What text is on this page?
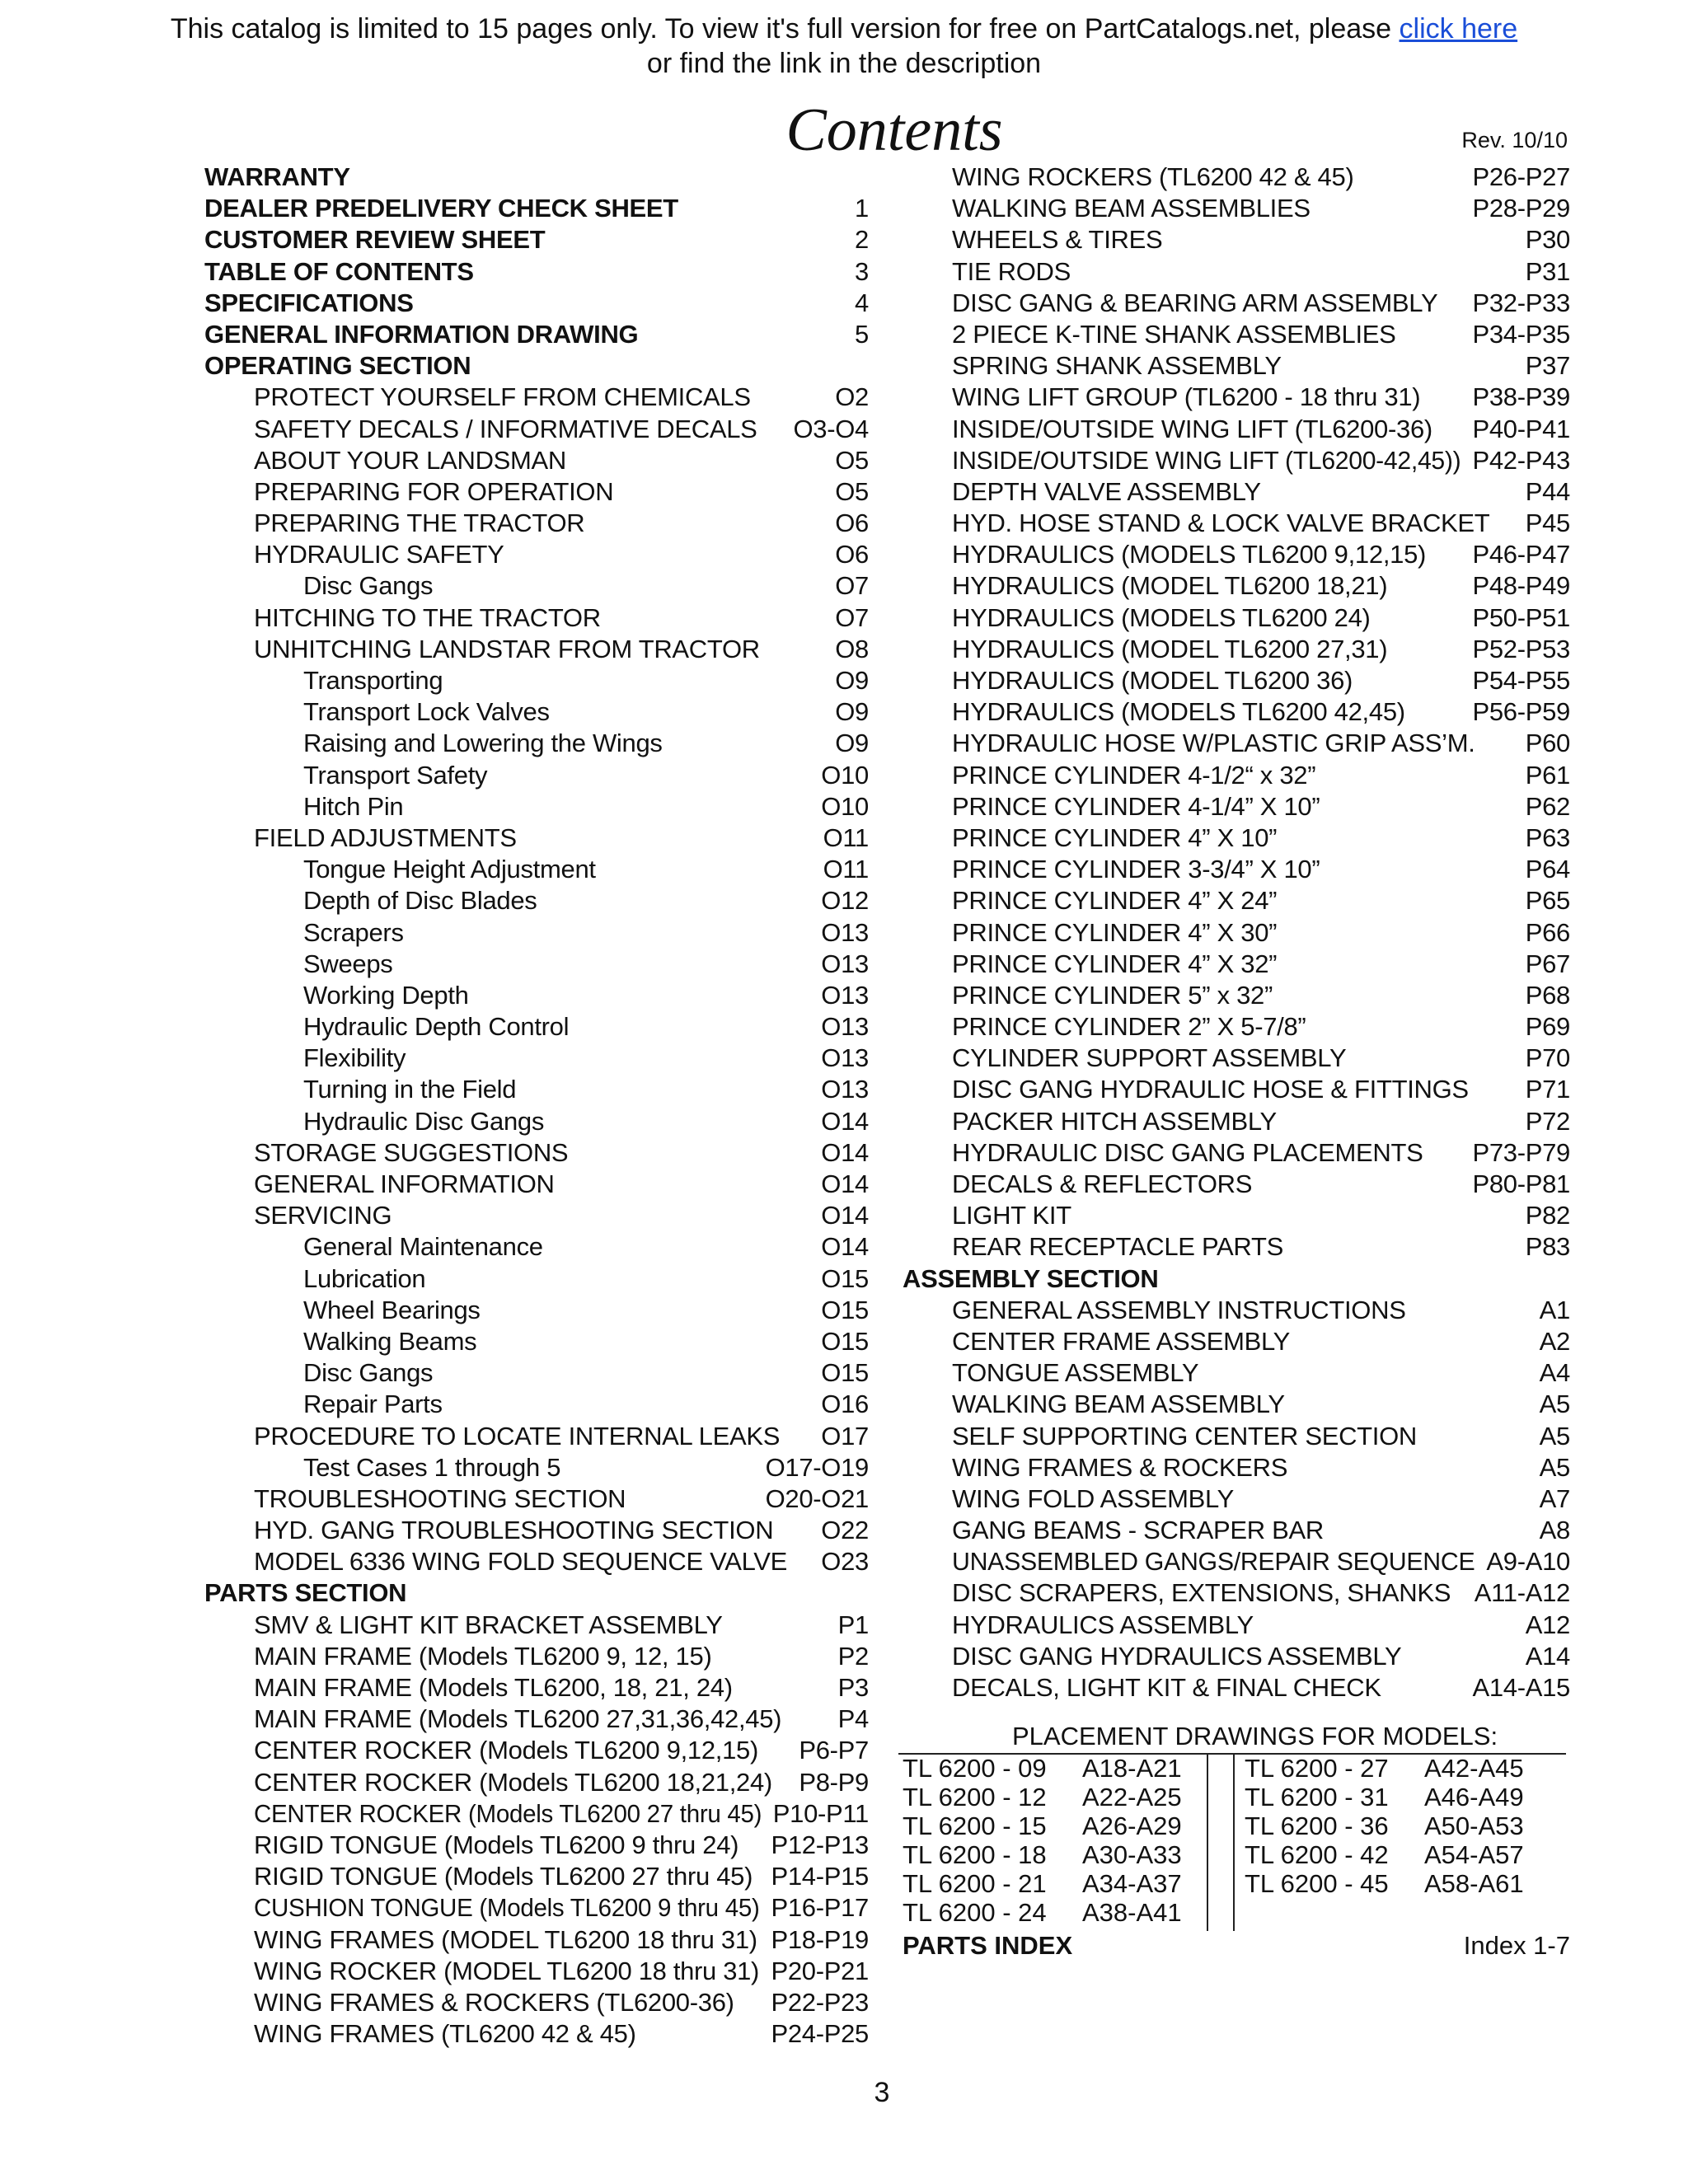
This catalog is limited to 15 pages only. To view it's full version for free on PartCatalogs.net, please click here
or find the link in the description
Contents	Rev. 10/10
WARRANTY
DEALER PREDELIVERY CHECK SHEET	1
CUSTOMER REVIEW SHEET	2
TABLE OF CONTENTS	3
SPECIFICATIONS	4
GENERAL INFORMATION DRAWING	5
OPERATING SECTION
PROTECT YOURSELF FROM CHEMICALS	O2
SAFETY DECALS / INFORMATIVE DECALS O3-O4
ABOUT YOUR LANDSMAN	O5
PREPARING FOR OPERATION	O5
PREPARING THE TRACTOR	O6
HYDRAULIC SAFETY	O6
Disc Gangs	O7
HITCHING TO THE TRACTOR	O7
UNHITCHING LANDSTAR FROM TRACTOR	O8
Transporting	O9
Transport Lock Valves	O9
Raising and Lowering the Wings	O9
Transport Safety	O10
Hitch Pin	O10
FIELD ADJUSTMENTS	O11
Tongue Height Adjustment	O11
Depth of Disc Blades	O12
Scrapers	O13
Sweeps	O13
Working Depth	O13
Hydraulic Depth Control	O13
Flexibility	O13
Turning in the Field	O13
Hydraulic Disc Gangs	O14
STORAGE SUGGESTIONS	O14
GENERAL INFORMATION	O14
SERVICING	O14
General Maintenance	O14
Lubrication	O15
Wheel Bearings	O15
Walking Beams	O15
Disc Gangs	O15
Repair Parts	O16
PROCEDURE TO LOCATE INTERNAL LEAKS O17
Test Cases 1 through 5	O17-O19
TROUBLESHOOTING SECTION	O20-O21
HYD. GANG TROUBLESHOOTING SECTION O22
MODEL 6336 WING FOLD SEQUENCE VALVE O23
PARTS SECTION
SMV & LIGHT KIT BRACKET ASSEMBLY	P1
MAIN FRAME (Models TL6200 9, 12, 15)	P2
MAIN FRAME (Models TL6200, 18, 21, 24)	P3
MAIN FRAME (Models TL6200 27,31,36,42,45) P4
CENTER ROCKER (Models TL6200 9,12,15) P6-P7
CENTER ROCKER (Models TL6200 18,21,24) P8-P9
CENTER ROCKER (Models TL6200 27 thru 45) P10-P11
RIGID TONGUE (Models TL6200 9 thru 24) P12-P13
RIGID TONGUE (Models TL6200 27 thru 45) P14-P15
CUSHION TONGUE (Models TL6200 9 thru 45) P16-P17
WING FRAMES (MODEL TL6200 18 thru 31) P18-P19
WING ROCKER (MODEL TL6200 18 thru 31) P20-P21
WING FRAMES & ROCKERS (TL6200-36) P22-P23
WING FRAMES (TL6200 42 & 45)	P24-P25
WING ROCKERS (TL6200 42 & 45)	P26-P27
WALKING BEAM ASSEMBLIES	P28-P29
WHEELS & TIRES	P30
TIE RODS	P31
DISC GANG & BEARING ARM ASSEMBLY P32-P33
2 PIECE K-TINE SHANK ASSEMBLIES	P34-P35
SPRING SHANK ASSEMBLY	P37
WING LIFT GROUP (TL6200 - 18 thru 31) P38-P39
INSIDE/OUTSIDE WING LIFT (TL6200-36) P40-P41
INSIDE/OUTSIDE WING LIFT (TL6200-42,45)) P42-P43
DEPTH VALVE ASSEMBLY	P44
HYD. HOSE STAND & LOCK VALVE BRACKET P45
HYDRAULICS (MODELS TL6200 9,12,15) P46-P47
HYDRAULICS (MODEL TL6200 18,21)	P48-P49
HYDRAULICS (MODELS TL6200 24)	P50-P51
HYDRAULICS (MODEL TL6200 27,31)	P52-P53
HYDRAULICS (MODEL TL6200 36)	P54-P55
HYDRAULICS (MODELS TL6200 42,45)	P56-P59
HYDRAULIC HOSE W/PLASTIC GRIP ASS’M. P60
PRINCE CYLINDER 4-1/2“ x 32”	P61
PRINCE CYLINDER 4-1/4” X 10”	P62
PRINCE CYLINDER 4” X 10”	P63
PRINCE CYLINDER 3-3/4” X 10”	P64
PRINCE CYLINDER 4” X 24”	P65
PRINCE CYLINDER 4” X 30”	P66
PRINCE CYLINDER 4” X 32”	P67
PRINCE CYLINDER 5” x 32”	P68
PRINCE CYLINDER 2” X 5-7/8”	P69
CYLINDER SUPPORT ASSEMBLY	P70
DISC GANG HYDRAULIC HOSE & FITTINGS P71
PACKER HITCH ASSEMBLY	P72
HYDRAULIC DISC GANG PLACEMENTS P73-P79
DECALS & REFLECTORS	P80-P81
LIGHT KIT	P82
REAR RECEPTACLE PARTS	P83
ASSEMBLY SECTION
GENERAL ASSEMBLY INSTRUCTIONS	A1
CENTER FRAME ASSEMBLY	A2
TONGUE ASSEMBLY	A4
WALKING BEAM ASSEMBLY	A5
SELF SUPPORTING CENTER SECTION	A5
WING FRAMES & ROCKERS	A5
WING FOLD ASSEMBLY	A7
GANG BEAMS - SCRAPER BAR	A8
UNASSEMBLED GANGS/REPAIR SEQUENCE A9-A10
DISC SCRAPERS, EXTENSIONS, SHANKS A11-A12
HYDRAULICS ASSEMBLY	A12
DISC GANG HYDRAULICS ASSEMBLY	A14
DECALS, LIGHT KIT & FINAL CHECK	A14-A15
PLACEMENT DRAWINGS FOR MODELS:
TL 6200 - 09 A18-A21
TL 6200 - 12 A22-A25
TL 6200 - 15 A26-A29
TL 6200 - 18 A30-A33
TL 6200 - 21 A34-A37
TL 6200 - 24 A38-A41
TL 6200 - 27 A42-A45
TL 6200 - 31 A46-A49
TL 6200 - 36 A50-A53
TL 6200 - 42 A54-A57
TL 6200 - 45 A58-A61
PARTS INDEX	Index 1-7
3
